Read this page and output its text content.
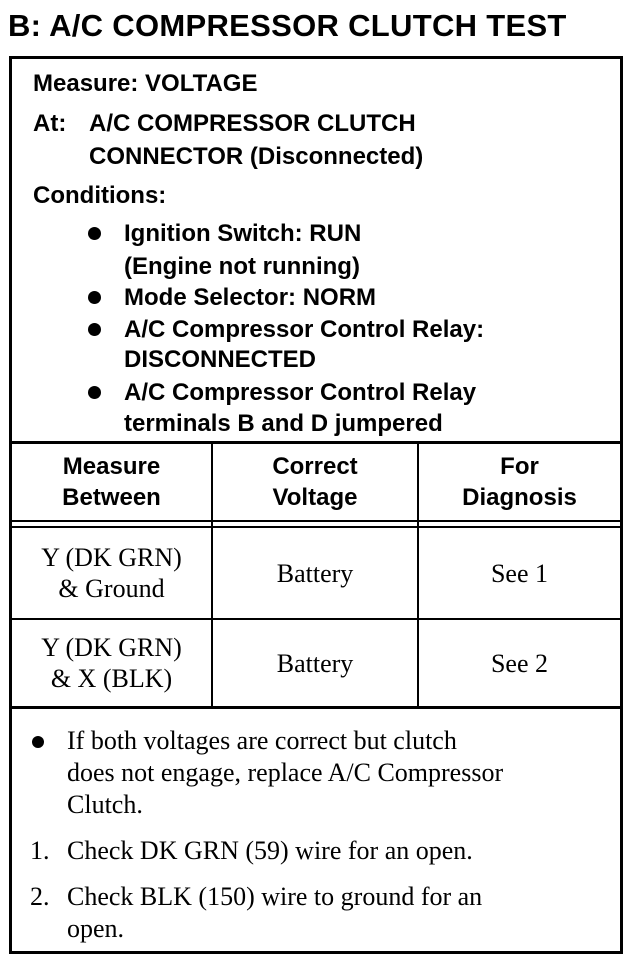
B: A/C COMPRESSOR CLUTCH TEST
Measure: VOLTAGE
At: A/C COMPRESSOR CLUTCH
CONNECTOR (Disconnected)
Conditions:
Ignition Switch: RUN
(Engine not running)
Mode Selector: NORM
A/C Compressor Control Relay:
DISCONNECTED
A/C Compressor Control Relay
terminals B and D jumpered
Measure
Between
Correct
Voltage
For
Diagnosis
Y (DK GRN)
& Ground
Battery	See 1
Y (DK GRN)
& X (BLK)
Battery	See 2
If both voltages are correct but clutch
does not engage, replace A/C Compressor
Clutch.
1. Check DK GRN (59) wire for an open.
2. Check BLK (150) wire to ground for an
open.
